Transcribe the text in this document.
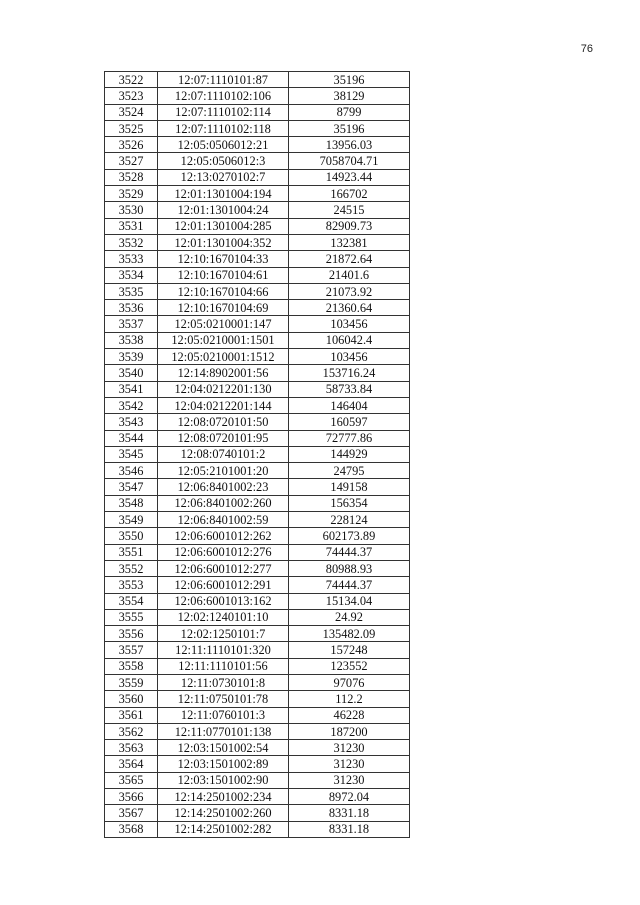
76
3522	12:07:1110101:87	35196
3523	12:07:1110102:106	38129
3524	12:07:1110102:114	8799
3525	12:07:1110102:118	35196
3526	12:05:0506012:21	13956.03
3527	12:05:0506012:3	7058704.71
3528	12:13:0270102:7	14923.44
3529	12:01:1301004:194	166702
3530	12:01:1301004:24	24515
3531	12:01:1301004:285	82909.73
3532	12:01:1301004:352	132381
3533	12:10:1670104:33	21872.64
3534	12:10:1670104:61	21401.6
3535	12:10:1670104:66	21073.92
3536	12:10:1670104:69	21360.64
3537	12:05:0210001:147	103456
3538	12:05:0210001:1501	106042.4
3539	12:05:0210001:1512	103456
3540	12:14:8902001:56	153716.24
3541	12:04:0212201:130	58733.84
3542	12:04:0212201:144	146404
3543	12:08:0720101:50	160597
3544	12:08:0720101:95	72777.86
3545	12:08:0740101:2	144929
3546	12:05:2101001:20	24795
3547	12:06:8401002:23	149158
3548	12:06:8401002:260	156354
3549	12:06:8401002:59	228124
3550	12:06:6001012:262	602173.89
3551	12:06:6001012:276	74444.37
3552	12:06:6001012:277	80988.93
3553	12:06:6001012:291	74444.37
3554	12:06:6001013:162	15134.04
3555	12:02:1240101:10	24.92
3556	12:02:1250101:7	135482.09
3557	12:11:1110101:320	157248
3558	12:11:1110101:56	123552
3559	12:11:0730101:8	97076
3560	12:11:0750101:78	112.2
3561	12:11:0760101:3	46228
3562	12:11:0770101:138	187200
3563	12:03:1501002:54	31230
3564	12:03:1501002:89	31230
3565	12:03:1501002:90	31230
3566	12:14:2501002:234	8972.04
3567	12:14:2501002:260	8331.18
3568	12:14:2501002:282	8331.18
